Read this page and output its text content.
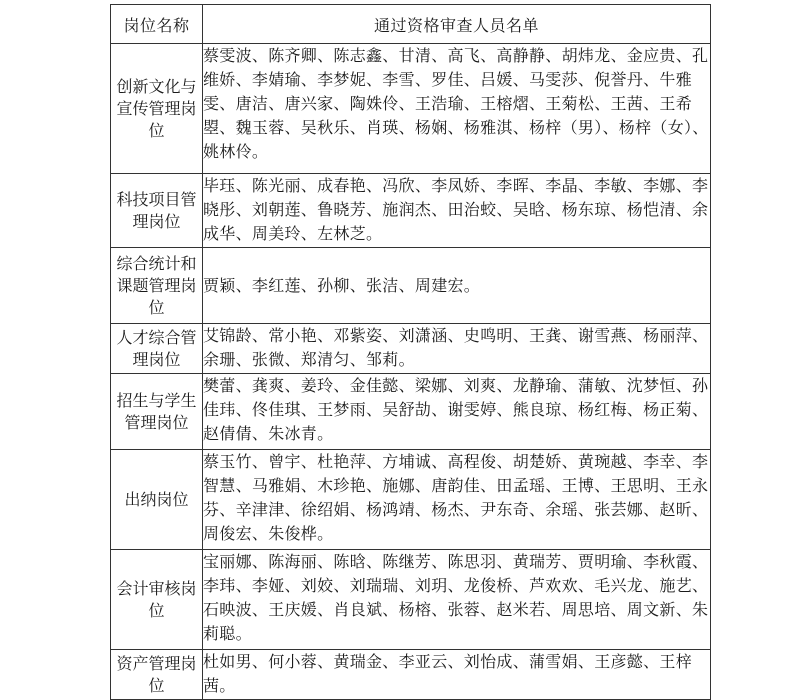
岗位名称	通过资格审查人员名单
创新文化与宣传管理岗位	蔡雯波、陈齐卿、陈志鑫、甘清、高飞、高静静、胡炜龙、金应贵、孔维娇、李婧瑜、李梦妮、李雪、罗佳、吕媛、马雯莎、倪誉丹、牛雅雯、唐洁、唐兴家、陶姝伶、王浩瑜、王榕熠、王菊松、王茜、王希曌、魏玉蓉、吴秋乐、肖瑛、杨娴、杨雅淇、杨梓（男）、杨梓（女）、姚林伶。
科技项目管理岗位	毕珏、陈光丽、成春艳、冯欣、李凤娇、李晖、李晶、李敏、李娜、李晓彤、刘朝莲、鲁晓芳、施润杰、田治蛟、吴晗、杨东琼、杨恺清、余成华、周美玲、左林芝。
综合统计和课题管理岗位	贾颖、李红莲、孙柳、张洁、周建宏。
人才综合管理岗位	艾锦龄、常小艳、邓紫姿、刘潇涵、史鸣明、王龚、谢雪燕、杨丽萍、余珊、张微、郑清匀、邹莉。
招生与学生管理岗位	樊蕾、龚爽、姜玲、金佳懿、梁娜、刘爽、龙静瑜、蒲敏、沈梦恒、孙佳玮、佟佳琪、王梦雨、吴舒劼、谢雯婷、熊良琼、杨红梅、杨正菊、赵倩倩、朱冰青。
出纳岗位	蔡玉竹、曾宇、杜艳萍、方埔诚、高程俊、胡楚娇、黄琬越、李幸、李智慧、马雅娟、木珍艳、施娜、唐韵佳、田孟瑶、王博、王思明、王永芬、辛津津、徐绍娟、杨鸿靖、杨杰、尹东奇、余瑶、张芸娜、赵昕、周俊宏、朱俊桦。
会计审核岗位	宝丽娜、陈海丽、陈晗、陈继芳、陈思羽、黄瑞芳、贾明瑜、李秋霞、李玮、李娅、刘姣、刘瑞瑞、刘玥、龙俊桥、芦欢欢、毛兴龙、施艺、石映波、王庆媛、肖良斌、杨榕、张蓉、赵米若、周思培、周文新、朱莉聪。
资产管理岗位	杜如男、何小蓉、黄瑞金、李亚云、刘怡成、蒲雪娟、王彦懿、王梓茜。
